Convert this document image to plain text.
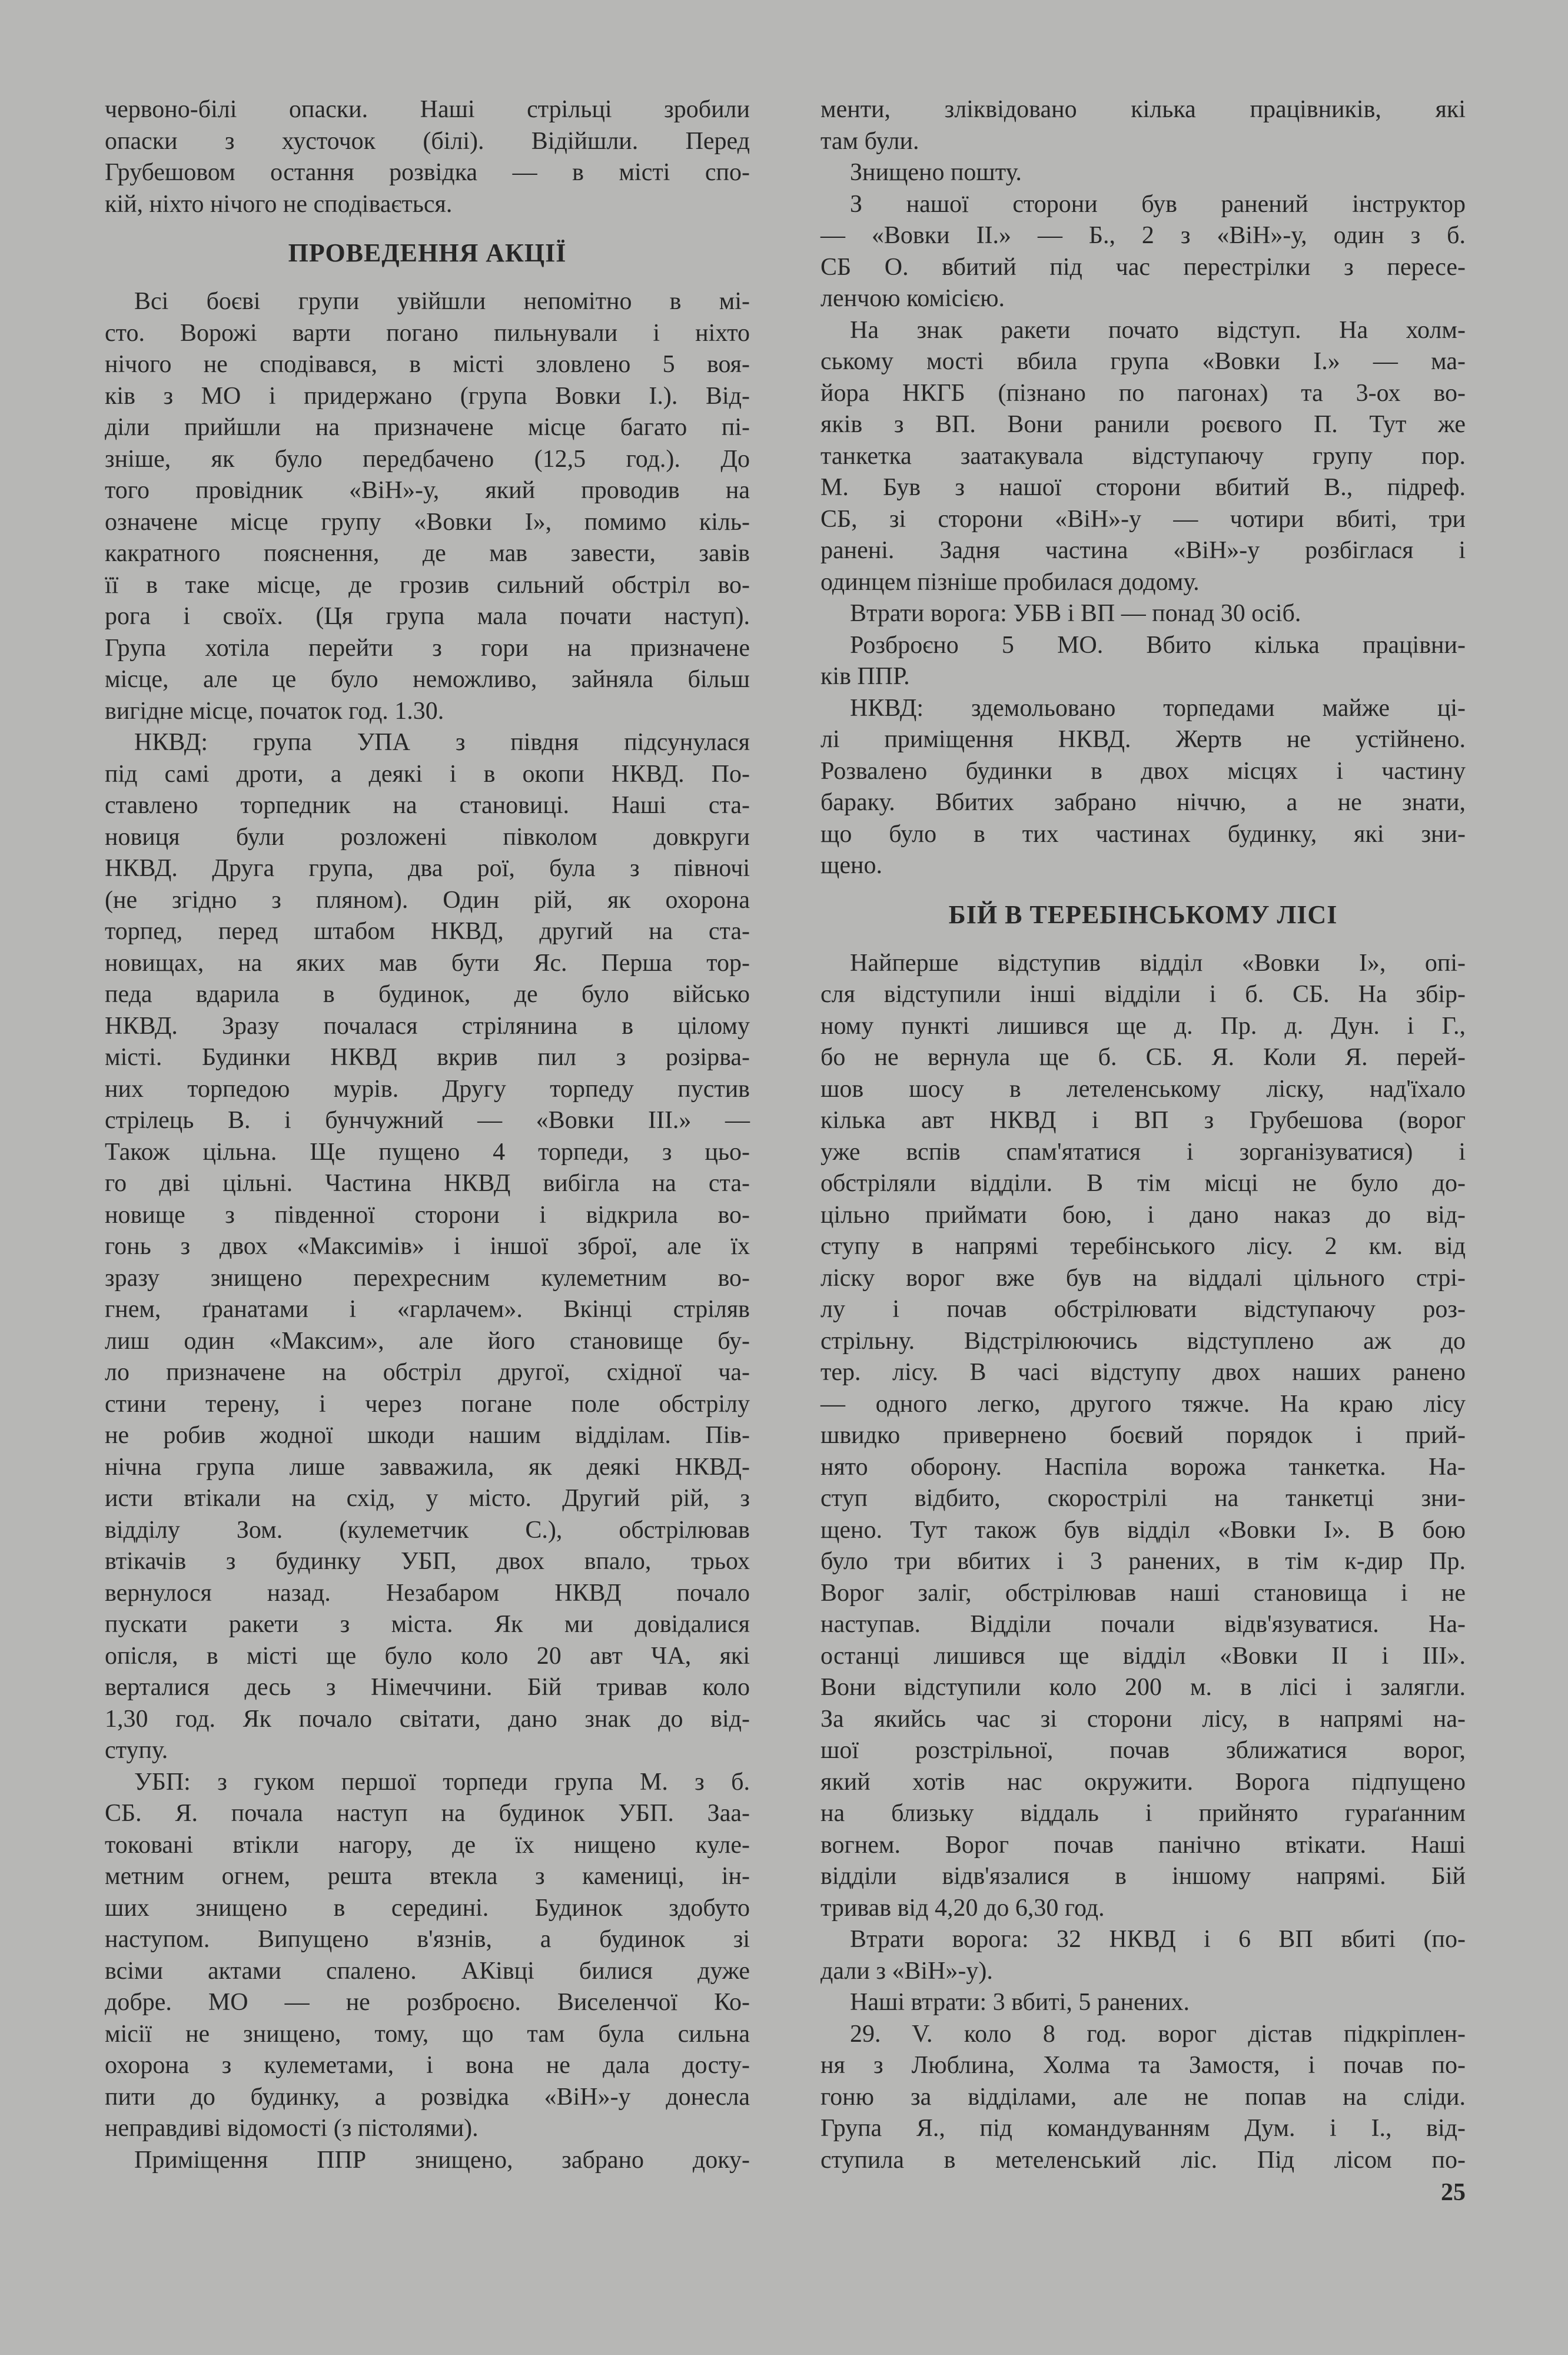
червоно-білі опаски. Наші стрільці зробили
опаски з хусточок (білі). Відійшли. Перед
Грубешовом остання розвідка — в місті спо-
кій, ніхто нічого не сподівається.
ПРОВЕДЕННЯ АКЦІЇ
Всі боєві групи увійшли непомітно в мі-
сто. Ворожі варти погано пильнували і ніхто
нічого не сподівався, в місті зловлено 5 воя-
ків з МО і придержано (група Вовки І.). Від-
діли прийшли на призначене місце багато пі-
зніше, як було передбачено (12,5 год.). До
того провідник «ВіН»-у, який проводив на
означене місце групу «Вовки І», помимо кіль-
какратного пояснення, де мав завести, завів
її в таке місце, де грозив сильний обстріл во-
рога і своїх. (Ця група мала почати наступ).
Група хотіла перейти з гори на призначене
місце, але це було неможливо, зайняла більш
вигідне місце, початок год. 1.30.
НКВД: група УПА з півдня підсунулася
під самі дроти, а деякі і в окопи НКВД. По-
ставлено торпедник на становиці. Наші ста-
новиця були розложені півколом довкруги
НКВД. Друга група, два рої, була з півночі
(не згідно з пляном). Один рій, як охорона
торпед, перед штабом НКВД, другий на ста-
новищах, на яких мав бути Яс. Перша тор-
педа вдарила в будинок, де було військо
НКВД. Зразу почалася стрілянина в цілому
місті. Будинки НКВД вкрив пил з розірва-
них торпедою мурів. Другу торпеду пустив
стрілець В. і бунчужний — «Вовки III.» —
Також цільна. Ще пущено 4 торпеди, з цьо-
го дві цільні. Частина НКВД вибігла на ста-
новище з південної сторони і відкрила во-
гонь з двох «Максимів» і іншої зброї, але їх
зразу знищено перехресним кулеметним во-
гнем, ґранатами і «гарлачем». Вкінці стріляв
лиш один «Максим», але його становище бу-
ло призначене на обстріл другої, східної ча-
стини терену, і через погане поле обстрілу
не робив жодної шкоди нашим відділам. Пів-
нічна група лише завважила, як деякі НКВД-
исти втікали на схід, у місто. Другий рій, з
відділу Зом. (кулеметчик С.), обстрілював
втікачів з будинку УБП, двох впало, трьох
вернулося назад. Незабаром НКВД почало
пускати ракети з міста. Як ми довідалися
опісля, в місті ще було коло 20 авт ЧА, які
верталися десь з Німеччини. Бій тривав коло
1,30 год. Як почало світати, дано знак до від-
ступу.
УБП: з гуком першої торпеди група М. з б.
СБ. Я. почала наступ на будинок УБП. Заа-
токовані втікли нагору, де їх нищено куле-
метним огнем, решта втекла з камениці, ін-
ших знищено в середині. Будинок здобуто
наступом. Випущено в'язнів, а будинок зі
всіми актами спалено. АКівці билися дуже
добре. МО — не розброєно. Виселенчої Ко-
місії не знищено, тому, що там була сильна
охорона з кулеметами, і вона не дала досту-
пити до будинку, а розвідка «ВіН»-у донесла
неправдиві відомості (з пістолями).
Приміщення ППР знищено, забрано доку-
менти, зліквідовано кілька працівників, які
там були.
Знищено пошту.
З нашої сторони був ранений інструктор
— «Вовки II.» — Б., 2 з «ВіН»-у, один з б.
СБ О. вбитий під час перестрілки з пересе-
ленчою комісією.
На знак ракети почато відступ. На холм-
ському мості вбила група «Вовки І.» — ма-
йора НКГБ (пізнано по пагонах) та 3-ох во-
яків з ВП. Вони ранили роєвого П. Тут же
танкетка заатакувала відступаючу групу пор.
М. Був з нашої сторони вбитий В., підреф.
СБ, зі сторони «ВіН»-у — чотири вбиті, три
ранені. Задня частина «ВіН»-у розбіглася і
одинцем пізніше пробилася додому.
Втрати ворога: УБВ і ВП — понад 30 осіб.
Розброєно 5 МО. Вбито кілька працівни-
ків ППР.
НКВД: здемольовано торпедами майже ці-
лі приміщення НКВД. Жертв не устійнено.
Розвалено будинки в двох місцях і частину
бараку. Вбитих забрано ніччю, а не знати,
що було в тих частинах будинку, які зни-
щено.
БІЙ В ТЕРЕБІНСЬКОМУ ЛІСІ
Найперше відступив відділ «Вовки І», опі-
сля відступили інші відділи і б. СБ. На збір-
ному пункті лишився ще д. Пр. д. Дун. і Г.,
бо не вернула ще б. СБ. Я. Коли Я. перей-
шов шосу в летеленському ліску, над'їхало
кілька авт НКВД і ВП з Грубешова (ворог
уже вспів спам'ятатися і зорганізуватися) і
обстріляли відділи. В тім місці не було до-
цільно приймати бою, і дано наказ до від-
ступу в напрямі теребінського лісу. 2 км. від
ліску ворог вже був на віддалі цільного стрі-
лу і почав обстрілювати відступаючу роз-
стрільну. Відстрілюючись відступлено аж до
тер. лісу. В часі відступу двох наших ранено
— одного легко, другого тяжче. На краю лісу
швидко привернено боєвий порядок і прий-
нято оборону. Наспіла ворожа танкетка. На-
ступ відбито, скорострілі на танкетці зни-
щено. Тут також був відділ «Вовки І». В бою
було три вбитих і 3 ранених, в тім к-дир Пр.
Ворог заліг, обстрілював наші становища і не
наступав. Відділи почали відв'язуватися. На-
останці лишився ще відділ «Вовки II і III».
Вони відступили коло 200 м. в лісі і залягли.
За якийсь час зі сторони лісу, в напрямі на-
шої розстрільної, почав зближатися ворог,
який хотів нас окружити. Ворога підпущено
на близьку віддаль і прийнято гураґанним
вогнем. Ворог почав панічно втікати. Наші
відділи відв'язалися в іншому напрямі. Бій
тривав від 4,20 до 6,30 год.
Втрати ворога: 32 НКВД і 6 ВП вбиті (по-
дали з «ВіН»-у).
Наші втрати: 3 вбиті, 5 ранених.
29. V. коло 8 год. ворог дістав підкріплен-
ня з Люблина, Холма та Замостя, і почав по-
гоню за відділами, але не попав на сліди.
Група Я., під командуванням Дум. і І., від-
ступила в метеленський ліс. Під лісом по-
25
